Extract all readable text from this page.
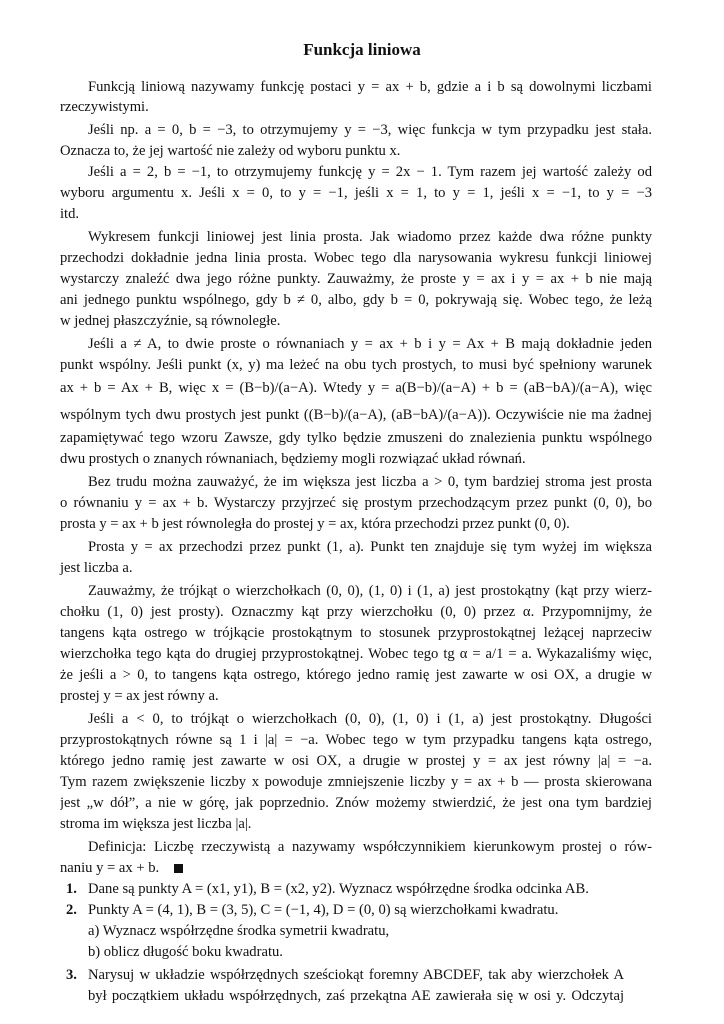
Funkcja liniowa
Funkcją liniową nazywamy funkcję postaci y = ax + b, gdzie a i b są dowolnymi liczbami
rzeczywistymi.
Jeśli np. a = 0, b = −3, to otrzymujemy y = −3, więc funkcja w tym przypadku jest stała.
Oznacza to, że jej wartość nie zależy od wyboru punktu x.
Jeśli a = 2, b = −1, to otrzymujemy funkcję y = 2x − 1. Tym razem jej wartość zależy od
wyboru argumentu x. Jeśli x = 0, to y = −1, jeśli x = 1, to y = 1, jeśli x = −1, to y = −3
itd.
Wykresem funkcji liniowej jest linia prosta. Jak wiadomo przez każde dwa różne punkty
przechodzi dokładnie jedna linia prosta. Wobec tego dla narysowania wykresu funkcji liniowej
wystarczy znaleźć dwa jego różne punkty. Zauważmy, że proste y = ax i y = ax + b nie mają
ani jednego punktu wspólnego, gdy b ≠ 0, albo, gdy b = 0, pokrywają się. Wobec tego, że leżą
w jednej płaszczyźnie, są równoległe.
Jeśli a ≠ A, to dwie proste o równaniach y = ax + b i y = Ax + B mają dokładnie jeden
punkt wspólny. Jeśli punkt (x, y) ma leżeć na obu tych prostych, to musi być spełniony warunek
ax + b = Ax + B, więc x = (B−b)/(a−A). Wtedy y = a(B−b)/(a−A) + b = (aB−bA)/(a−A), więc
wspólnym tych dwu prostych jest punkt ((B−b)/(a−A), (aB−bA)/(a−A)). Oczywiście nie ma żadnej
zapamiętywać tego wzoru Zawsze, gdy tylko będzie zmuszeni do znalezienia punktu wspólnego
dwu prostych o znanych równaniach, będziemy mogli rozwiązać układ równań.
Bez trudu można zauważyć, że im większa jest liczba a > 0, tym bardziej stroma jest prosta
o równaniu y = ax + b. Wystarczy przyjrzeć się prostym przechodzącym przez punkt (0, 0), bo
prosta y = ax + b jest równoległa do prostej y = ax, która przechodzi przez punkt (0, 0).
Prosta y = ax przechodzi przez punkt (1, a). Punkt ten znajduje się tym wyżej im większa
jest liczba a.
Zauważmy, że trójkąt o wierzchołkach (0, 0), (1, 0) i (1, a) jest prostokątny (kąt przy wierz-
chołku (1, 0) jest prosty). Oznaczmy kąt przy wierzchołku (0, 0) przez α. Przypomnijmy, że
tangens kąta ostrego w trójkącie prostokątnym to stosunek przyprostokątnej leżącej naprzeciw
wierzchołka tego kąta do drugiej przyprostokątnej. Wobec tego tg α = a/1 = a. Wykazaliśmy więc,
że jeśli a > 0, to tangens kąta ostrego, którego jedno ramię jest zawarte w osi OX, a drugie w
prostej y = ax jest równy a.
Jeśli a < 0, to trójkąt o wierzchołkach (0, 0), (1, 0) i (1, a) jest prostokątny. Długości
przyprostokątnych równe są 1 i |a| = −a. Wobec tego w tym przypadku tangens kąta ostrego,
którego jedno ramię jest zawarte w osi OX, a drugie w prostej y = ax jest równy |a| = −a.
Tym razem zwiększenie liczby x powoduje zmniejszenie liczby y = ax + b — prosta skierowana
jest „w dół”, a nie w górę, jak poprzednio. Znów możemy stwierdzić, że jest ona tym bardziej
stroma im większa jest liczba |a|.
Definicja: Liczbę rzeczywistą a nazywamy współczynnikiem kierunkowym prostej o rów-
naniu y = ax + b.
Dane są punkty A = (x1, y1), B = (x2, y2). Wyznacz współrzędne środka odcinka AB.
Punkty A = (4, 1), B = (3, 5), C = (−1, 4), D = (0, 0) są wierzchołkami kwadratu.
a) Wyznacz współrzędne środka symetrii kwadratu,
b) oblicz długość boku kwadratu.
Narysuj w układzie współrzędnych sześciokąt foremny ABCDEF, tak aby wierzchołek A
był początkiem układu współrzędnych, zaś przekątna AE zawierała się w osi y. Odczytaj
1.
2.
3.
